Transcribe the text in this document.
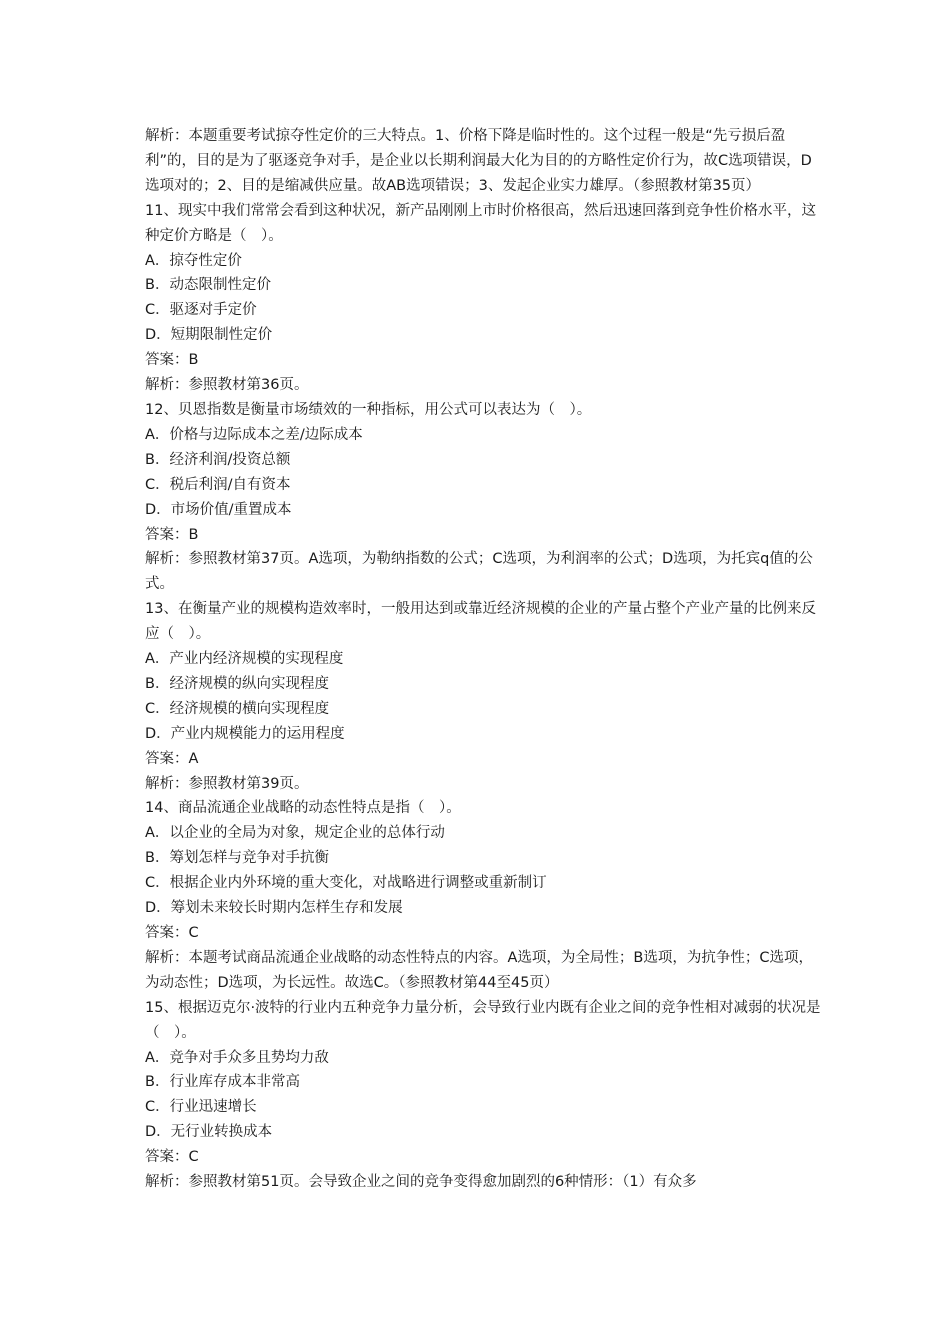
解析：本题重要考试掠夺性定价的三大特点。1、价格下降是临时性的。这个过程一般是“先亏损后盈利”的，目的是为了驱逐竞争对手，是企业以长期利润最大化为目的的方略性定价行为，故C选项错误，D选项对的；2、目的是缩减供应量。故AB选项错误；3、发起企业实力雄厚。（参照教材第35页）

11、现实中我们常常会看到这种状况，新产品刚刚上市时价格很高，然后迅速回落到竞争性价格水平，这种定价方略是（　）。

A．掠夺性定价

B．动态限制性定价

C．驱逐对手定价

D．短期限制性定价

答案：B

解析：参照教材第36页。

12、贝恩指数是衡量市场绩效的一种指标，用公式可以表达为（　）。

A．价格与边际成本之差/边际成本

B．经济利润/投资总额

C．税后利润/自有资本

D．市场价值/重置成本

答案：B

解析：参照教材第37页。A选项，为勒纳指数的公式；C选项，为利润率的公式；D选项，为托宾q值的公式。

13、在衡量产业的规模构造效率时，一般用达到或靠近经济规模的企业的产量占整个产业产量的比例来反应（　）。

A．产业内经济规模的实现程度

B．经济规模的纵向实现程度

C．经济规模的横向实现程度

D．产业内规模能力的运用程度

答案：A

解析：参照教材第39页。

14、商品流通企业战略的动态性特点是指（　）。

A．以企业的全局为对象，规定企业的总体行动

B．筹划怎样与竞争对手抗衡

C．根据企业内外环境的重大变化，对战略进行调整或重新制订

D．筹划未来较长时期内怎样生存和发展

答案：C

解析：本题考试商品流通企业战略的动态性特点的内容。A选项，为全局性；B选项，为抗争性；C选项，为动态性；D选项，为长远性。故选C。（参照教材第44至45页）

15、根据迈克尔·波特的行业内五种竞争力量分析，会导致行业内既有企业之间的竞争性相对减弱的状况是（　）。

A．竞争对手众多且势均力敌

B．行业库存成本非常高

C．行业迅速增长

D．无行业转换成本

答案：C

解析：参照教材第51页。会导致企业之间的竞争变得愈加剧烈的6种情形：（1）有众多
